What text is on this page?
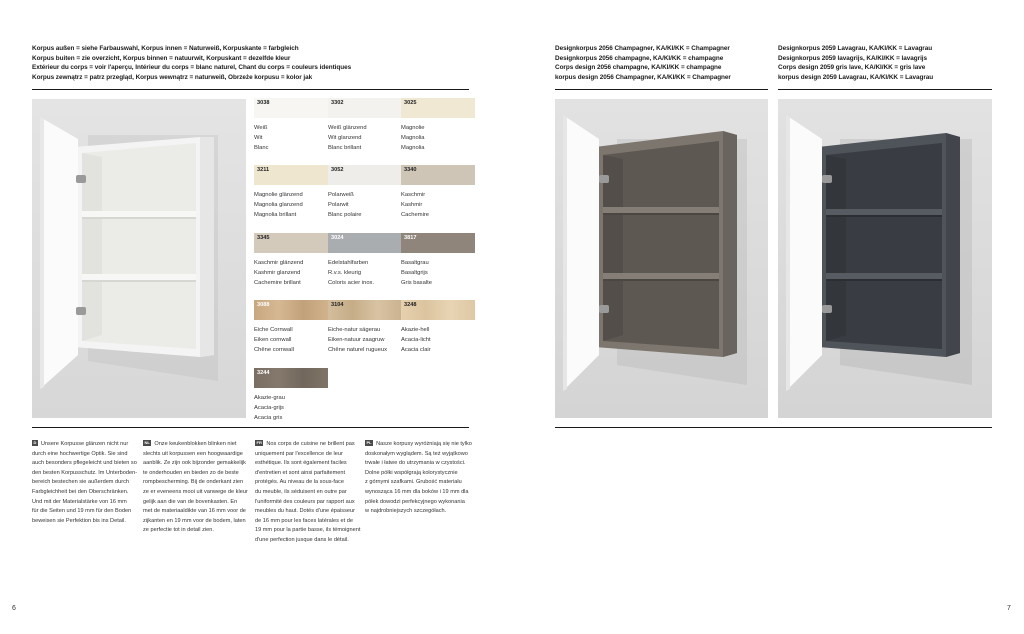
Korpus außen = siehe Farbauswahl, Korpus innen = Naturweiß, Korpuskante = farbgleich
Korpus buiten = zie overzicht, Korpus binnen = natuurwit, Korpuskant = dezelfde kleur
Extérieur du corps = voir l'aperçu, Intérieur du corps = blanc naturel, Chant du corps = couleurs identiques
Korpus zewnątrz = patrz przegląd, Korpus wewnątrz = naturweiß, Obrzeże korpusu = kolor jak
Designkorpus 2056 Champagner, KA/KI/KK = Champagner
Designkorpus 2056 champagne, KA/KI/KK = champagne
Corps design 2056 champagne, KA/KI/KK = champagne
korpus design 2056 Champagner, KA/KI/KK = Champagner
Designkorpus 2059 Lavagrau, KA/KI/KK = Lavagrau
Designkorpus 2059 lavagrijs, KA/KI/KK = lavagrijs
Corps design 2059 gris lave, KA/KI/KK = gris lave
korpus design 2059 Lavagrau, KA/KI/KK = Lavagrau
3038
Weiß
Wit
Blanc
3302
Weiß glänzend
Wit glanzend
Blanc brillant
3025
Magnolie
Magnolia
Magnolia
3211
Magnolie glänzend
Magnolia glanzend
Magnolia brillant
3052
Polarweiß
Polarwit
Blanc polaire
3340
Kaschmir
Kashmir
Cachemire
3345
Kaschmir glänzend
Kashmir glanzend
Cachemire brillant
3024
Edelstahlfarben
R.v.s. kleurig
Coloris acier inox.
3817
Basaltgrau
Basaltgrijs
Gris basalte
3088
Eiche Cornwall
Eiken cornwall
Chêne cornwall
3104
Eiche-natur sägerau
Eiken-natuur zaagruw
Chêne naturel rugueux
3248
Akazie-hell
Acacia-licht
Acacia clair
3244
Akazie-grau
Acacia-grijs
Acacia gris
D Unsere Korpusse glänzen nicht nur
durch eine hochwertige Optik. Sie sind
auch besonders pflegeleicht und bieten so
den besten Korpusschutz. Im Unterboden-
bereich bestechen sie außerdem durch
Farbgleichheit bei den Oberschränken.
Und mit der Materialstärke von 16 mm
für die Seiten und 19 mm für den Boden
beweisen sie Perfektion bis ins Detail.
NL Onze keukenblokken blinken niet
slechts uit korpussen een hoogwaardige
aanblik. Ze zijn ook bijzonder gemakkelijk
te onderhouden en bieden zo de beste
rompbescherming. Bij de onderkant zien
ze er eveneens mooi uit vanwege de kleur
gelijk aan die van de bovenkasten. En
met de materiaaldikte van 16 mm voor de
zijkanten en 19 mm voor de bodem, laten
ze perfectie tot in detail zien.
FR Nos corps de cuisine ne brillent pas
uniquement par l'excellence de leur
esthétique. Ils sont également faciles
d'entretien et sont ainsi parfaitement
protégés. Au niveau de la sous-face
du meuble, ils séduisent en outre par
l'uniformité des couleurs par rapport aux
meubles du haut. Dotés d'une épaisseur
de 16 mm pour les faces latérales et de
19 mm pour la partie basse, ils témoignent
d'une perfection jusque dans le détail.
PL Nasze korpusy wyróżniają się nie tylko
doskonałym wyglądem. Są też wyjątkowo
trwałe i łatwe do utrzymania w czystości.
Dolne półki współgrają kolorystycznie
z górnymi szafkami. Grubość materiału
wynosząca 16 mm dla boków i 19 mm dla
półek dowodzi perfekcyjnego wykonania
w najdrobniejszych szczegółach.
6	7
